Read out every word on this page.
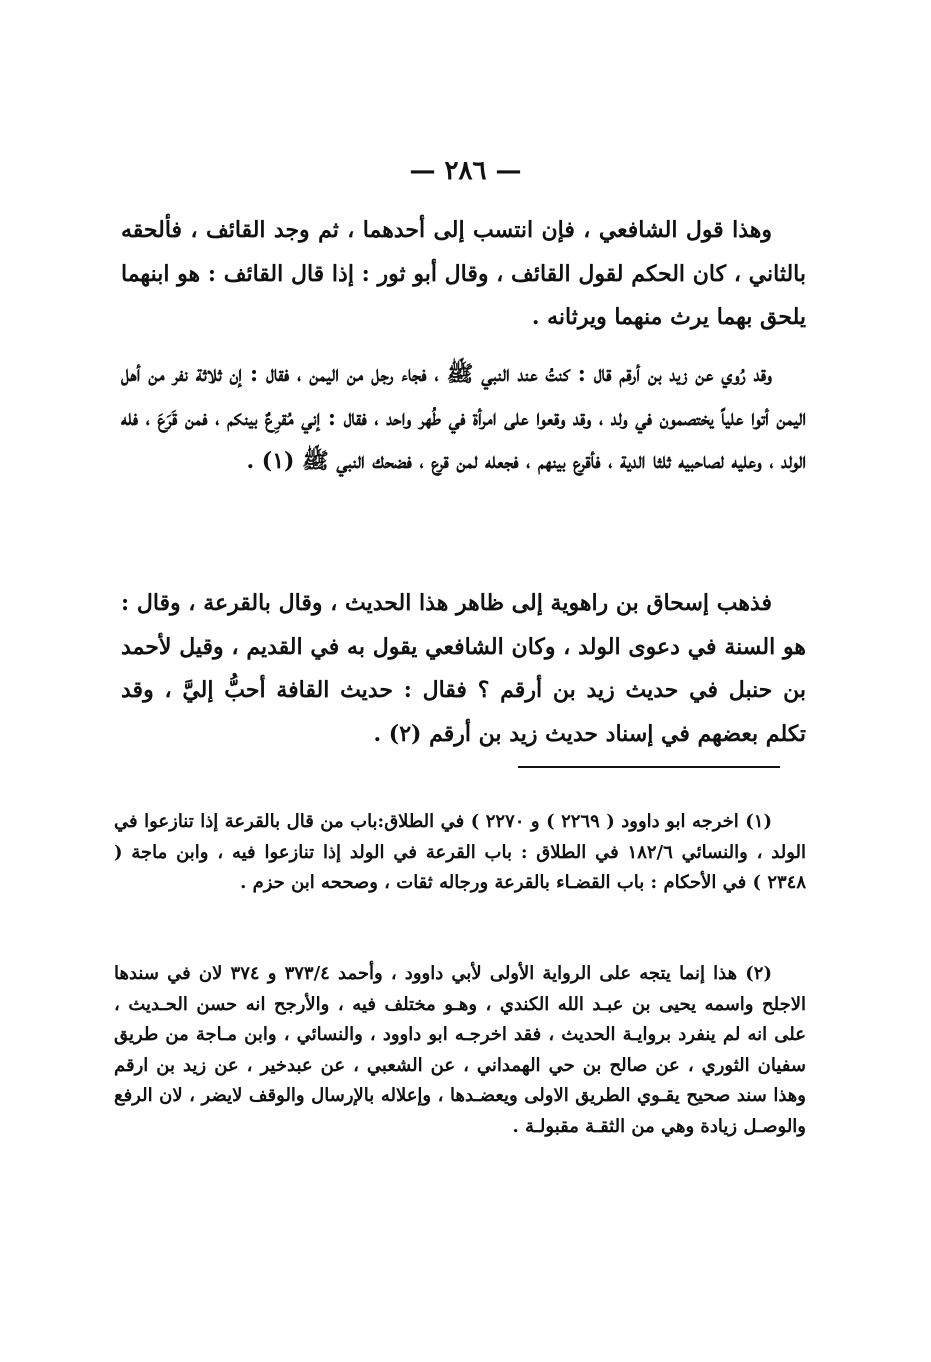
— ٢٨٦ —

وهذا قول الشافعي ، فإن انتسب إلى أحدهما ، ثم وجد القائف ، فألحقه بالثاني ، كان الحكم لقول القائف ، وقال أبو ثور : إذا قال القائف : هو ابنهما يلحق بهما يرث منهما ويرثانه .

وقد رُوي عن زيد بن أرقم قال : كنتُ عند النبي ﷺ ، فجاء رجل من اليمن ، فقال : إن ثلاثة نفر من أهل اليمن أتوا علياً يختصمون في ولد ، وقد وقعوا على امرأة في طُهر واحد ، فقال : إني مُقرِعٌ بينكم ، فمن قَرَعَ ، فله الولد ، وعليه لصاحبيه ثلثا الدية ، فأقرع بينهم ، فجعله لمن قرع ، فضحك النبي ﷺ (١) .

فذهب إسحاق بن راهوية إلى ظاهر هذا الحديث ، وقال بالقرعة ، وقال : هو السنة في دعوى الولد ، وكان الشافعي يقول به في القديم ، وقيل لأحمد بن حنبل في حديث زيد بن أرقم ؟ فقال : حديث القافة أحبُّ إليَّ ، وقد تكلم بعضهم في إسناد حديث زيد بن أرقم (٢) .

(١) اخرجه ابو داوود ( ٢٢٦٩ ) و ٢٢٧٠ ) في الطلاق:باب من قال بالقرعة إذا تنازعوا في الولد ، والنسائي ١٨٢/٦ في الطلاق : باب القرعة في الولد إذا تنازعوا فيه ، وابن ماجة ( ٢٣٤٨ ) في الأحكام : باب القضـاء بالقرعة ورجاله ثقات ، وصححه ابن حزم .

(٢) هذا إنما يتجه على الرواية الأولى لأبي داوود ، وأحمد ٣٧٣/٤ و ٣٧٤ لان في سندها الاجلح واسمه يحيى بن عبـد الله الكندي ، وهـو مختلف فيه ، والأرجح انه حسن الحـديث ، على انه لم ينفرد بروايـة الحديث ، فقد اخرجـه ابو داوود ، والنسائي ، وابن مـاجة من طريق سفيان الثوري ، عن صالح بن حي الهمداني ، عن الشعبي ، عن عبدخير ، عن زيد بن ارقم وهذا سند صحيح يقـوي الطريق الاولى ويعضـدها ، وإعلاله بالإرسال والوقف لايضر ، لان الرفع والوصـل زيادة وهي من الثقـة مقبولـة .
